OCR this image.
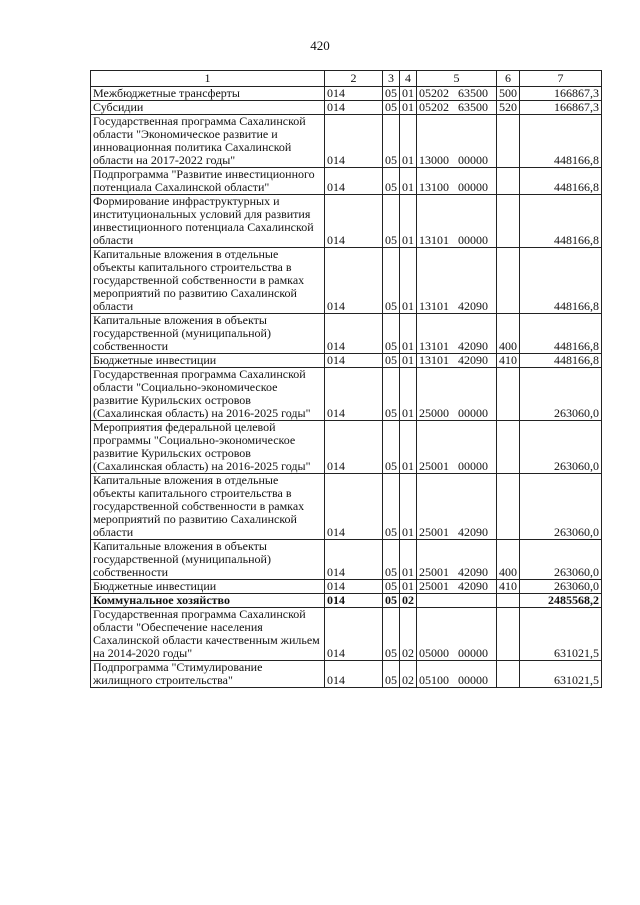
420
1	2	3	4	5	6	7
Межбюджетные трансферты	014	05	01	05202 63500	500	166867,3
Субсидии	014	05	01	05202 63500	520	166867,3
Государственная программа Сахалинской области "Экономическое развитие и инновационная политика Сахалинской области на 2017-2022 годы"	014	05	01	13000 00000		448166,8
Подпрограмма "Развитие инвестиционного потенциала Сахалинской области"	014	05	01	13100 00000		448166,8
Формирование инфраструктурных и институциональных условий для развития инвестиционного потенциала Сахалинской области	014	05	01	13101 00000		448166,8
Капитальные вложения в отдельные объекты капитального строительства в государственной собственности в рамках мероприятий по развитию Сахалинской области	014	05	01	13101 42090		448166,8
Капитальные вложения в объекты государственной (муниципальной) собственности	014	05	01	13101 42090	400	448166,8
Бюджетные инвестиции	014	05	01	13101 42090	410	448166,8
Государственная программа Сахалинской области "Социально-экономическое развитие Курильских островов (Сахалинская область) на 2016-2025 годы"	014	05	01	25000 00000		263060,0
Мероприятия федеральной целевой программы "Социально-экономическое развитие Курильских островов (Сахалинская область) на 2016-2025 годы"	014	05	01	25001 00000		263060,0
Капитальные вложения в отдельные объекты капитального строительства в государственной собственности в рамках мероприятий по развитию Сахалинской области	014	05	01	25001 42090		263060,0
Капитальные вложения в объекты государственной (муниципальной) собственности	014	05	01	25001 42090	400	263060,0
Бюджетные инвестиции	014	05	01	25001 42090	410	263060,0
Коммунальное хозяйство	014	05	02			2485568,2
Государственная программа Сахалинской области "Обеспечение населения Сахалинской области качественным жильем на 2014-2020 годы"	014	05	02	05000 00000		631021,5
Подпрограмма "Стимулирование жилищного строительства"	014	05	02	05100 00000		631021,5
